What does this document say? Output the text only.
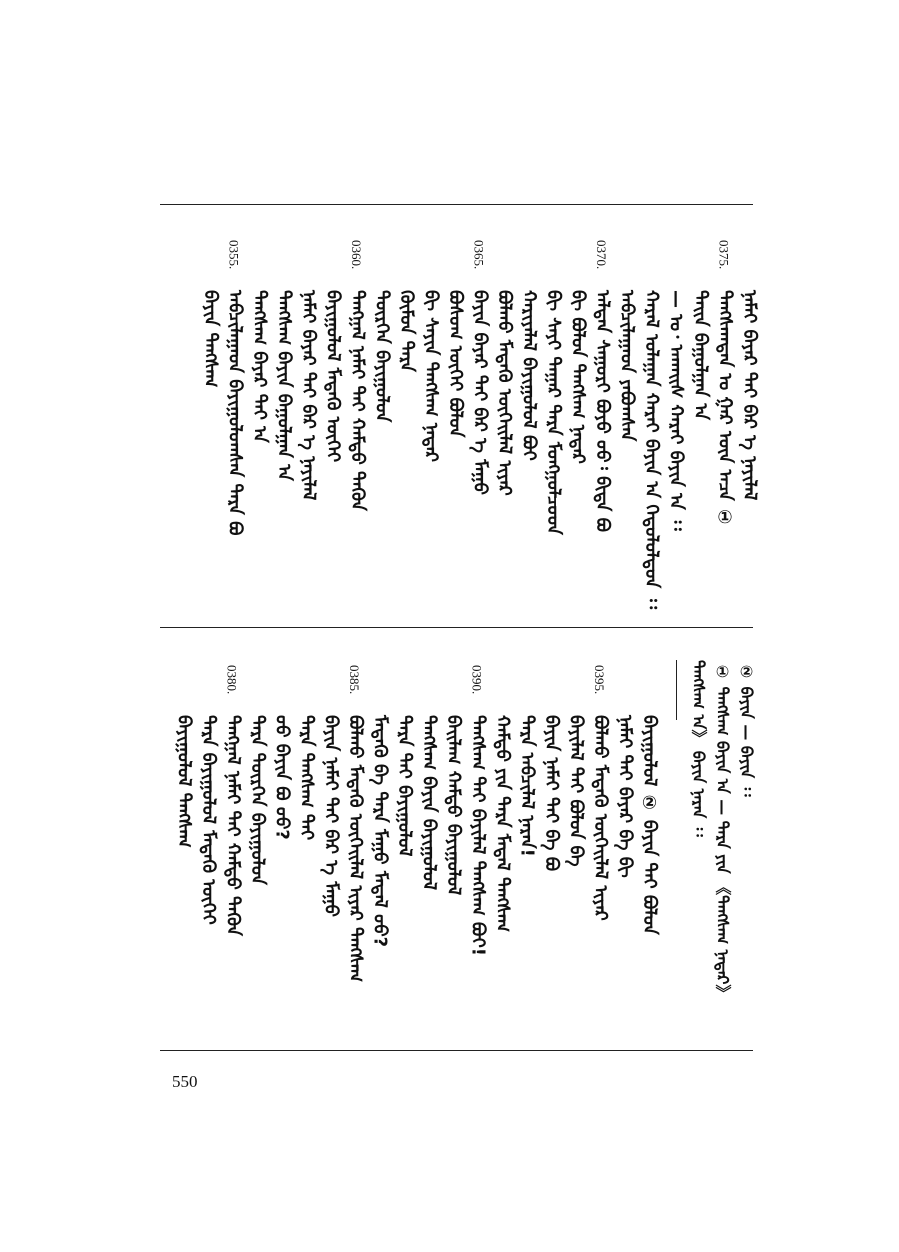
550
ᠨᠠᠮᠠᠢ ᠪᠠᠶᠠᠷ ᠲᠠᠢ ᠪᠡᠷ ᠡ ᠨᠡᠶᠢᠯᠡᠯ
0375.
ᠲᠠᠩᠰᠠᠭᠲᠠᠨ ᠤ ᠭᠠᠷ ᠦᠨ ᠠᠴᠠ ①
ᠳᠠᠢᠨ ᠪᠠᠭᠤᠯᠭᠠᠨ ᠠ
— ᠣ᠂ ᠠᠬᠠᠢᠰ ᠬᠠᠷᠠᠢ ᠪᠠᠶᠢᠨ ᠠ ᠄᠄
ᠬᠠᠷᠠᠯ ᠤᠯᠠᠭᠠᠨ ᠬᠠᠷᠠᠢ ᠪᠠᠶᠢᠨ ᠠ ᠬᠡᠳᠦᠯᠦᠯᠳᠦᠨ ᠄᠄
ᠠᠪᠴᠢᠯᠠᠭᠠᠳ ᠶᠠᠪᠤᠭᠰᠠᠨ
0370.
ᠠᠯᠲᠠᠨ ᠰᠠᠭᠤᠷᠢ ᠪᠤᠶᠤ ᠤᠤ᠄ ᠪᠢᠳᠡ ᠪᠤ
ᠪᠢ ᠪᠤᠯᠤᠨ ᠲᠠᠩᠰᠠᠭ ᠨᠠᠳᠠᠷ
ᠪᠢ ᠰᠠᠶᠢ ᠲᠠᠭᠠᠷ ᠲᠡᠷᠡ ᠮᠤᠩᠭᠤᠯᠴᠤᠳ
ᠬᠠᠷᠢᠶᠠᠯᠠᠯ ᠪᠠᠶᠢᠭᠤᠯᠤᠯ ᠪᠤᠢ
ᠪᠣᠯᠬᠤ ᠮᠡᠳᠡᠬᠦ ᠦᠭᠡᠢᠯᠡᠯ ᠢᠶᠡᠷ
0365.
ᠪᠠᠶᠢᠨ ᠪᠠᠶᠠᠷ ᠲᠠᠢ ᠪᠡᠷ ᠡ ᠮᠠᠭᠤ
ᠪᠤᠰᠤᠭ ᠦᠭᠡᠢ ᠪᠣᠯᠤᠨ
ᠪᠢ ᠰᠠᠶᠢᠨ ᠲᠠᠩᠰᠠᠭ ᠨᠠᠳᠠᠷ
ᠬᠦᠮᠦᠨ ᠲᠡᠷᠡ
ᠲᠦᠷᠭᠡᠨ ᠪᠠᠶᠢᠭᠤᠯᠤᠨ
0360.
ᠳᠠᠩᠭᠠᠯ ᠨᠠᠮᠠᠢ ᠲᠠᠢ ᠬᠠᠮᠲᠤ ᠲᠡᠭᠦᠨ
ᠪᠠᠶᠢᠭᠤᠯᠤᠯ ᠮᠡᠳᠡᠬᠦ ᠦᠭᠡᠢ
ᠨᠠᠮᠠᠢ ᠪᠠᠶᠠᠷ ᠲᠠᠢ ᠪᠡᠷ ᠡ ᠨᠡᠶᠢᠯᠡᠯ
ᠲᠠᠩᠰᠠᠭ ᠪᠠᠶᠢᠨ ᠪᠠᠭᠤᠯᠭᠠᠨ ᠠ
ᠲᠠᠩᠰᠠᠭ ᠪᠠᠶᠠᠷ ᠲᠠᠢ ᠠ
0355.
ᠠᠪᠴᠢᠯᠠᠭᠠᠳ ᠪᠠᠶᠢᠭᠤᠯᠤᠭᠰᠠᠨ ᠲᠡᠷᠡ ᠪᠤ
ᠪᠠᠶᠢᠨ ᠲᠠᠩᠰᠠᠭ
② ᠪᠠᠶᠢᠨ — ᠪᠠᠶᠢᠨ ᠄᠄
① ᠲᠠᠩᠰᠠᠭ ᠪᠠᠶᠢᠨ ᠠ — ᠲᠡᠷᠡ ᠶᠢᠨ 《ᠲᠠᠩᠰᠠᠭ ᠨᠠᠳᠠᠷ》
ᠲᠠᠩᠰᠠᠭ ᠠ》 ᠪᠠᠶᠢᠨ ᠨᠠᠷᠠᠨ ᠄᠄
ᠪᠠᠶᠢᠭᠤᠯᠤᠯ ② ᠪᠠᠶᠢᠨ ᠲᠠᠢ ᠪᠣᠯᠤᠨ
ᠨᠠᠮᠠᠢ ᠲᠠᠢ ᠪᠠᠶᠠᠷ ᠪᠠ ᠪᠢ
0395.
ᠪᠣᠯᠬᠤ ᠮᠡᠳᠡᠬᠦ ᠦᠭᠡᠢᠯᠡᠯ ᠢᠶᠡᠷ
ᠪᠠᠶᠢᠯᠠᠯ ᠲᠠᠢ ᠪᠣᠯᠤᠨ ᠪᠠ
ᠪᠠᠶᠢᠨ ᠨᠠᠮᠠᠢ ᠲᠠᠢ ᠪᠡ ᠪᠤ
ᠲᠡᠷᠡ ᠠᠪᠴᠢᠯᠠᠯ ᠨᠠᠷᠠᠨ!
ᠬᠠᠮᠲᠤ ᠶᠢᠨ ᠲᠡᠷᠡ ᠮᠡᠳᠡᠯ ᠲᠠᠩᠰᠠᠭ
0390.
ᠲᠠᠩᠰᠠᠭ ᠲᠠᠢ ᠪᠠᠶᠢᠯᠠᠯ ᠲᠠᠩᠰᠠᠭ ᠪᠤᠢ!
ᠪᠠᠢᠯᠠᠭ ᠬᠠᠮᠲᠤ ᠪᠠᠶᠢᠭᠤᠯᠤᠯ
ᠲᠠᠩᠰᠠᠭ ᠪᠠᠶᠢᠨ ᠪᠠᠶᠢᠭᠤᠯᠤᠯ
ᠲᠡᠷᠡ ᠲᠠᠢ ᠪᠠᠶᠢᠭᠤᠯᠤᠯ
ᠮᠡᠳᠡᠬᠦ ᠪᠠ ᠲᠡᠷᠡ ᠮᠠᠭᠤ ᠮᠡᠳᠡᠯ ᠤᠤ?
0385.
ᠪᠣᠯᠬᠤ ᠮᠡᠳᠡᠬᠦ ᠦᠭᠡᠢᠯᠡᠯ ᠢᠶᠡᠷ ᠲᠠᠩᠰᠠᠭ
ᠪᠠᠶᠢᠨ ᠨᠠᠮᠠᠢ ᠲᠠᠢ ᠪᠡᠷ ᠡ ᠮᠠᠭᠤ
ᠲᠡᠷᠡ ᠲᠠᠩᠰᠠᠭ ᠲᠠᠢ
ᠤᠤ ᠪᠠᠶᠢᠨ ᠪᠤ ᠤᠤ?
ᠲᠡᠷᠡ ᠲᠦᠷᠭᠡᠨ ᠪᠠᠶᠢᠭᠤᠯᠤᠨ
0380.
ᠳᠠᠩᠭᠠᠯ ᠨᠠᠮᠠᠢ ᠲᠠᠢ ᠬᠠᠮᠲᠤ ᠲᠡᠭᠦᠨ
ᠲᠡᠷᠡ ᠪᠠᠶᠢᠭᠤᠯᠤᠯ ᠮᠡᠳᠡᠬᠦ ᠦᠭᠡᠢ
ᠪᠠᠶᠢᠭᠤᠯᠤᠯ ᠲᠠᠩᠰᠠᠭ
